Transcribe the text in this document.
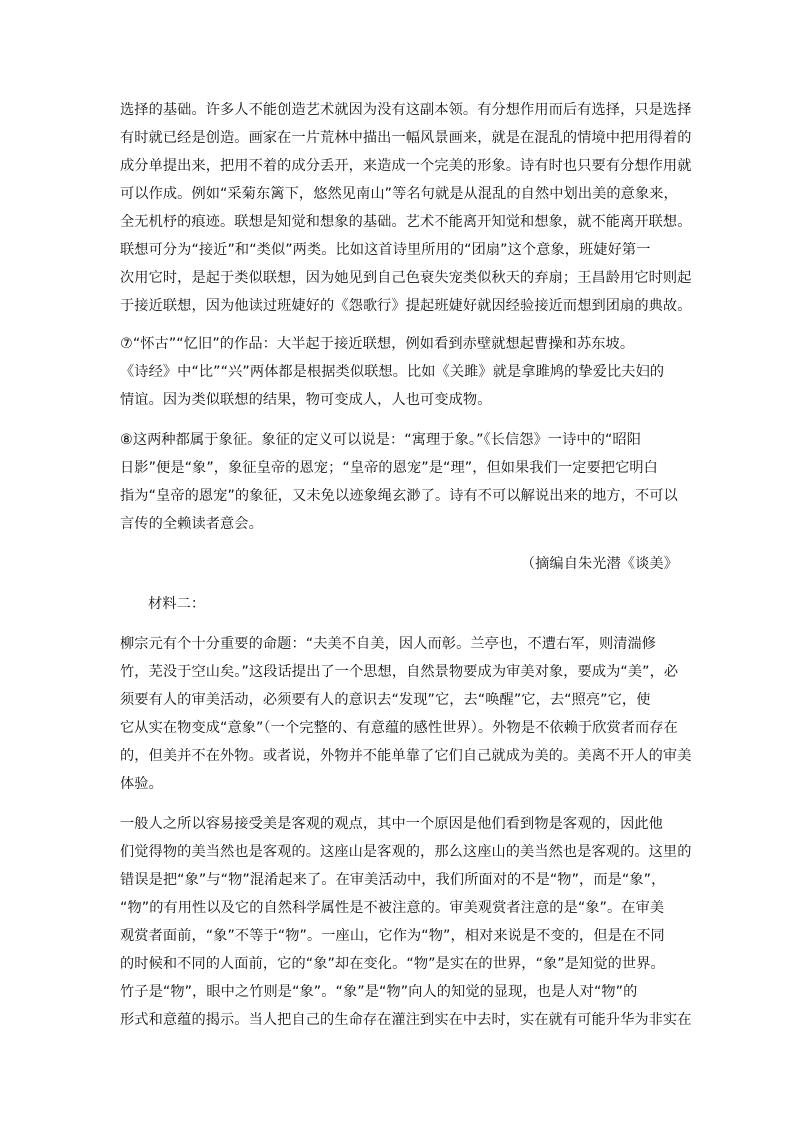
选择的基础。许多人不能创造艺术就因为没有这副本领。有分想作用而后有选择，只是选择
有时就已经是创造。画家在一片荒林中描出一幅风景画来，就是在混乱的情境中把用得着的
成分单提出来，把用不着的成分丢开，来造成一个完美的形象。诗有时也只要有分想作用就
可以作成。例如“采菊东篱下，悠然见南山”等名句就是从混乱的自然中划出美的意象来，
全无机杼的痕迹。联想是知觉和想象的基础。艺术不能离开知觉和想象，就不能离开联想。
联想可分为“接近”和“类似”两类。比如这首诗里所用的“团扇”这个意象，班婕好第一
次用它时，是起于类似联想，因为她见到自己色衰失宠类似秋天的弃扇；王昌龄用它时则起
于接近联想，因为他读过班婕好的《怨歌行》提起班婕好就因经验接近而想到团扇的典故。
⑦“怀古”“忆旧”的作品：大半起于接近联想，例如看到赤壁就想起曹操和苏东坡。
《诗经》中“比”“兴”两体都是根据类似联想。比如《关雎》就是拿雎鸠的挚爱比夫妇的
情谊。因为类似联想的结果，物可变成人，人也可变成物。
⑧这两种都属于象征。象征的定义可以说是：“寓理于象。”《长信怨》一诗中的“昭阳
日影”便是“象”，象征皇帝的恩宠；“皇帝的恩宠”是“理”，但如果我们一定要把它明白
指为“皇帝的恩宠”的象征，又未免以迹象绳玄渺了。诗有不可以解说出来的地方，不可以
言传的全赖读者意会。
（摘编自朱光潜《谈美》
材料二：
柳宗元有个十分重要的命题：“夫美不自美，因人而彰。兰亭也，不遭右军，则清湍修
竹，芜没于空山矣。”这段话提出了一个思想，自然景物要成为审美对象，要成为“美”，必
须要有人的审美活动，必须要有人的意识去“发现”它，去“唤醒”它，去“照亮”它，使
它从实在物变成“意象”（一个完整的、有意蕴的感性世界）。外物是不依赖于欣赏者而存在
的，但美并不在外物。或者说，外物并不能单靠了它们自己就成为美的。美离不开人的审美
体验。
一般人之所以容易接受美是客观的观点，其中一个原因是他们看到物是客观的，因此他
们觉得物的美当然也是客观的。这座山是客观的，那么这座山的美当然也是客观的。这里的
错误是把“象”与“物”混淆起来了。在审美活动中，我们所面对的不是“物”，而是“象”，
“物”的有用性以及它的自然科学属性是不被注意的。审美观赏者注意的是“象”。在审美
观赏者面前，“象”不等于“物”。一座山，它作为“物”，相对来说是不变的，但是在不同
的时候和不同的人面前，它的“象”却在变化。“物”是实在的世界，“象”是知觉的世界。
竹子是“物”，眼中之竹则是“象”。“象”是“物”向人的知觉的显现，也是人对“物”的
形式和意蕴的揭示。当人把自己的生命存在灌注到实在中去时，实在就有可能升华为非实在
